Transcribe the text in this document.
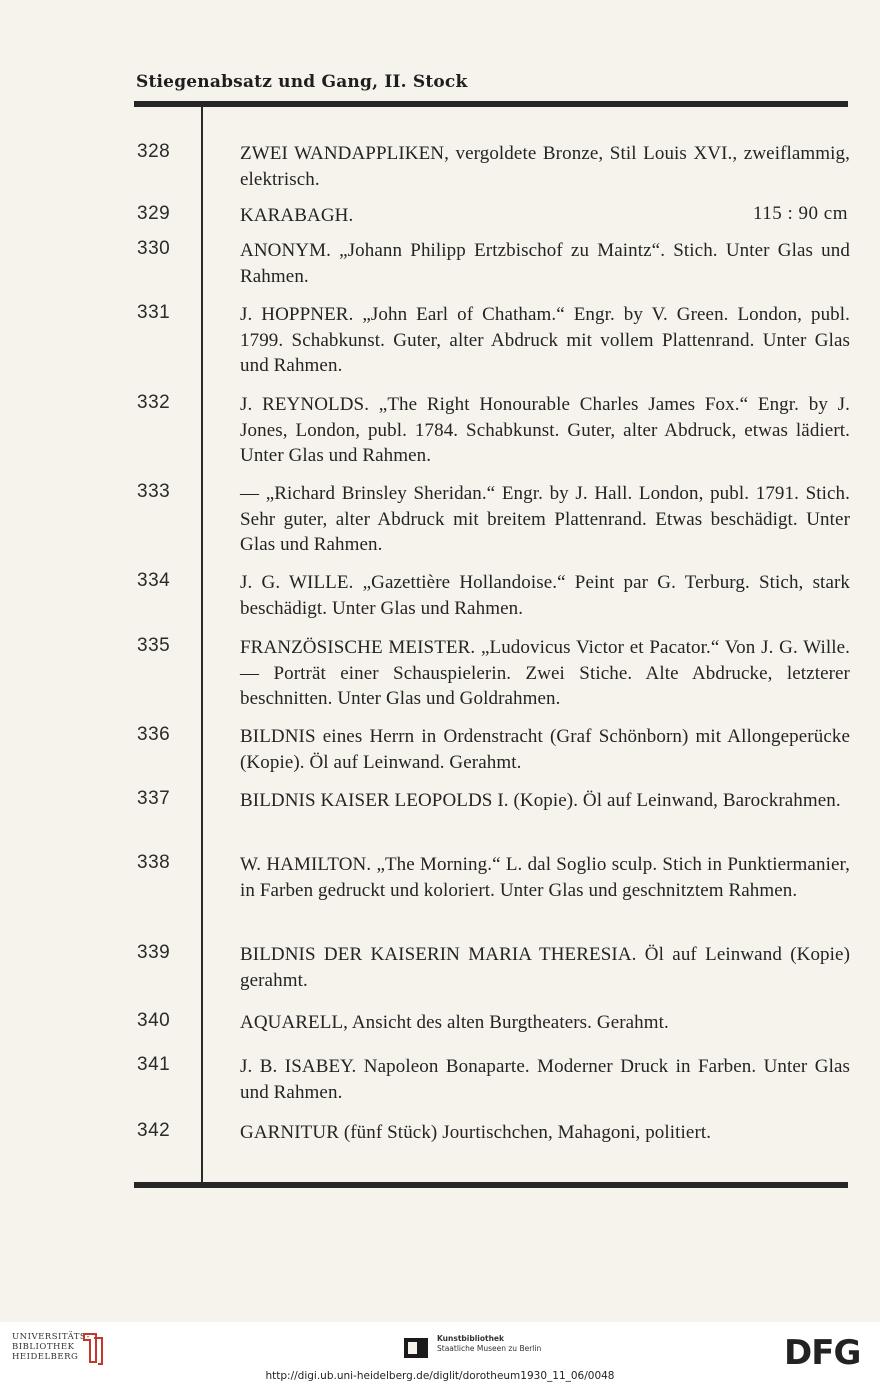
Stiegenabsatz und Gang, II. Stock
328	ZWEI WANDAPPLIKEN, vergoldete Bronze, Stil Louis XVI., zweiflammig, elektrisch.
329	KARABAGH.	115 : 90 cm
330	ANONYM. „Johann Philipp Ertzbischof zu Maintz“. Stich. Unter Glas und Rahmen.
331	J. HOPPNER. „John Earl of Chatham.“ Engr. by V. Green. London, publ. 1799. Schabkunst. Guter, alter Abdruck mit vollem Plattenrand. Unter Glas und Rahmen.
332	J. REYNOLDS. „The Right Honourable Charles James Fox.“ Engr. by J. Jones, London, publ. 1784. Schabkunst. Guter, alter Abdruck, etwas lädiert. Unter Glas und Rahmen.
333	— „Richard Brinsley Sheridan.“ Engr. by J. Hall. London, publ. 1791. Stich. Sehr guter, alter Abdruck mit breitem Plattenrand. Etwas beschädigt. Unter Glas und Rahmen.
334	J. G. WILLE. „Gazettière Hollandoise.“ Peint par G. Terburg. Stich, stark beschädigt. Unter Glas und Rahmen.
335	FRANZÖSISCHE MEISTER. „Ludovicus Victor et Pacator.“ Von J. G. Wille. — Porträt einer Schauspielerin. Zwei Stiche. Alte Abdrucke, letzterer beschnitten. Unter Glas und Goldrahmen.
336	BILDNIS eines Herrn in Ordenstracht (Graf Schönborn) mit Allongeperücke (Kopie). Öl auf Leinwand. Gerahmt.
337	BILDNIS KAISER LEOPOLDS I. (Kopie). Öl auf Leinwand, Barockrahmen.
338	W. HAMILTON. „The Morning.“ L. dal Soglio sculp. Stich in Punktiermanier, in Farben gedruckt und koloriert. Unter Glas und geschnitztem Rahmen.
339	BILDNIS DER KAISERIN MARIA THERESIA. Öl auf Leinwand (Kopie) gerahmt.
340	AQUARELL, Ansicht des alten Burgtheaters. Gerahmt.
341	J. B. ISABEY. Napoleon Bonaparte. Moderner Druck in Farben. Unter Glas und Rahmen.
342	GARNITUR (fünf Stück) Jourtischchen, Mahagoni, politiert.
UNIVERSITÄTS-
BIBLIOTHEK
HEIDELBERG
Kunstbibliothek
Staatliche Museen zu Berlin	DFG
http://digi.ub.uni-heidelberg.de/diglit/dorotheum1930_11_06/0048
